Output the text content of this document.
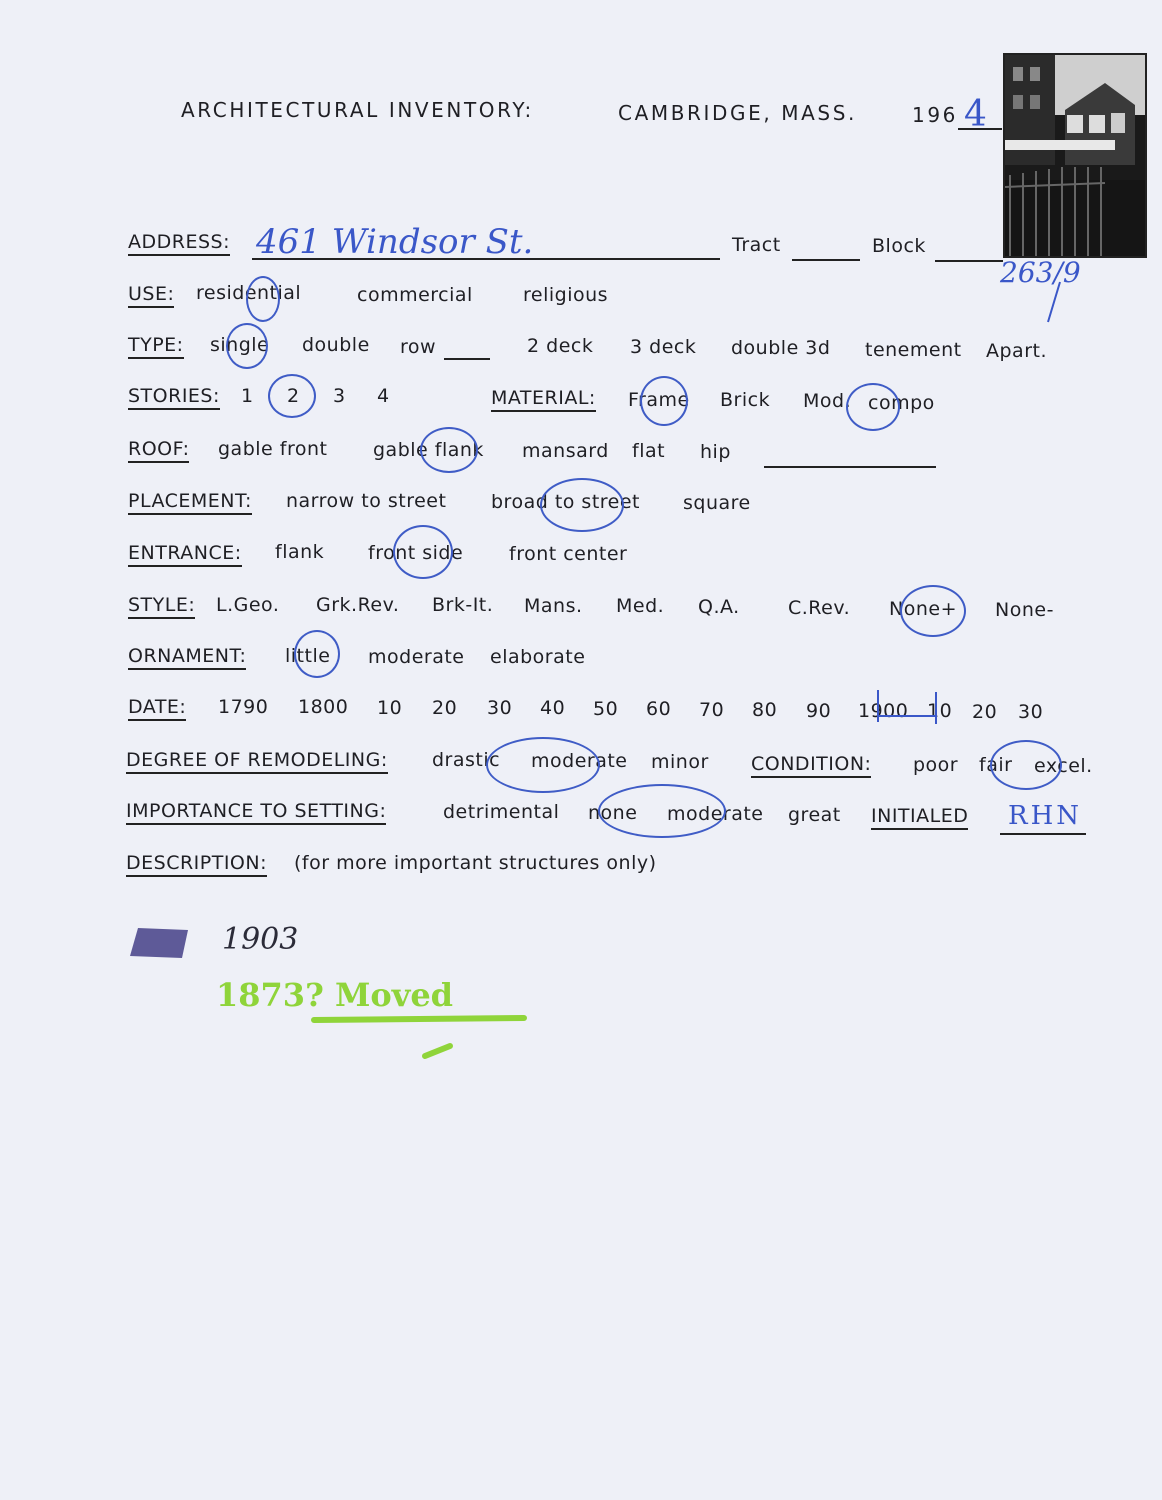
ARCHITECTURAL INVENTORY:	CAMBRIDGE, MASS.	196 4
ADDRESS: 461 Windsor St.	Tract	Block
263/9
USE: residential	commercial	religious
TYPE: single double row	2 deck 3 deck double 3d tenement Apart.
STORIES: 1 2 3 4	MATERIAL: Frame Brick Mod. compo
ROOF: gable front gable flank mansard flat hip
PLACEMENT: narrow to street broad to street square
ENTRANCE: flank front side front center
STYLE: L.Geo. Grk.Rev. Brk-It. Mans. Med. Q.A.	C.Rev. None+ None-
ORNAMENT: little moderate elaborate
DATE: 1790 1800 10 20 30 40 50 60 70 80 90 1900 10 20 30
DEGREE OF REMODELING: drastic moderate minor CONDITION: poor fair excel.
IMPORTANCE TO SETTING:	detrimental none moderate great INITIALED RHN
DESCRIPTION: (for more important structures only)
1903
1873? Moved
